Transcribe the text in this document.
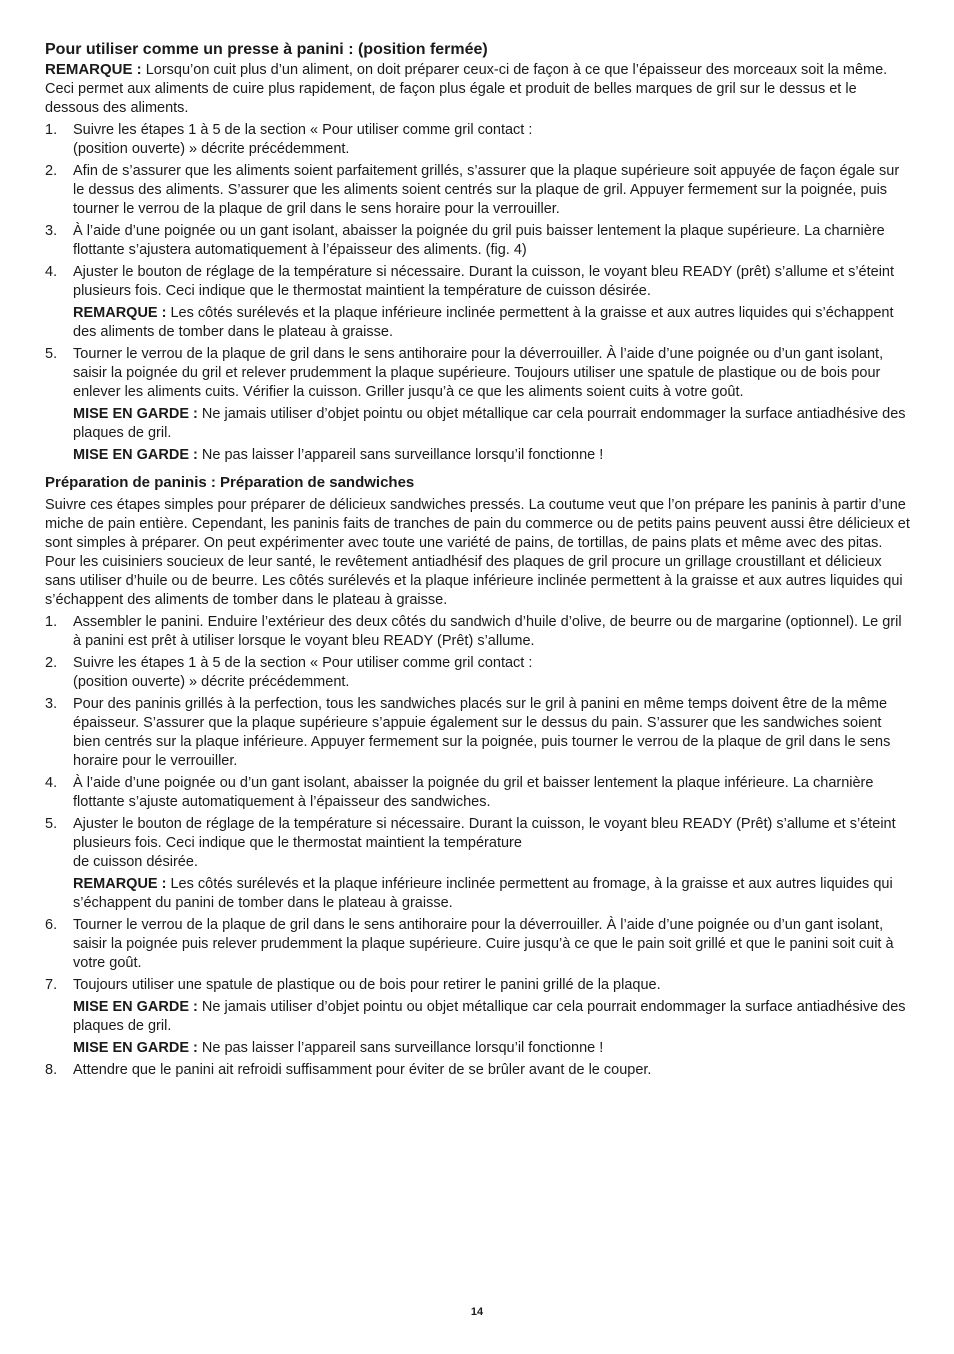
Pour utiliser comme un presse à panini : (position fermée)

REMARQUE : Lorsqu’on cuit plus d’un aliment, on doit préparer ceux-ci de façon à ce que l’épaisseur des morceaux soit la même. Ceci permet aux aliments de cuire plus rapidement, de façon plus égale et produit de belles marques de gril sur le dessus et le dessous des aliments.

1. Suivre les étapes 1 à 5 de la section « Pour utiliser comme gril contact :
(position ouverte) » décrite précédemment.
2. Afin de s’assurer que les aliments soient parfaitement grillés, s’assurer que la plaque supérieure soit appuyée de façon égale sur le dessus des aliments. S’assurer que les aliments soient centrés sur la plaque de gril. Appuyer fermement sur la poignée, puis tourner le verrou de la plaque de gril dans le sens horaire pour la verrouiller.
3. À l’aide d’une poignée ou un gant isolant, abaisser la poignée du gril puis baisser lentement la plaque supérieure. La charnière flottante s’ajustera automatiquement à l’épaisseur des aliments. (fig. 4)
4. Ajuster le bouton de réglage de la température si nécessaire. Durant la cuisson, le voyant bleu READY (prêt) s’allume et s’éteint plusieurs fois. Ceci indique que le thermostat maintient la température de cuisson désirée.
REMARQUE : Les côtés surélevés et la plaque inférieure inclinée permettent à la graisse et aux autres liquides qui s’échappent des aliments de tomber dans le plateau à graisse.
5. Tourner le verrou de la plaque de gril dans le sens antihoraire pour la déverrouiller. À l’aide d’une poignée ou d’un gant isolant, saisir la poignée du gril et relever prudemment la plaque supérieure. Toujours utiliser une spatule de plastique ou de bois pour enlever les aliments cuits. Vérifier la cuisson. Griller jusqu’à ce que les aliments soient cuits à votre goût.
MISE EN GARDE : Ne jamais utiliser d’objet pointu ou objet métallique car cela pourrait endommager la surface antiadhésive des plaques de gril.
MISE EN GARDE : Ne pas laisser l’appareil sans surveillance lorsqu’il fonctionne !
Préparation de paninis : Préparation de sandwiches

Suivre ces étapes simples pour préparer de délicieux sandwiches pressés. La coutume veut que l’on prépare les paninis à partir d’une miche de pain entière. Cependant, les paninis faits de tranches de pain du commerce ou de petits pains peuvent aussi être délicieux et sont simples à préparer. On peut expérimenter avec toute une variété de pains, de tortillas, de pains plats et même avec des pitas. Pour les cuisiniers soucieux de leur santé, le revêtement antiadhésif des plaques de gril procure un grillage croustillant et délicieux sans utiliser d’huile ou de beurre. Les côtés surélevés et la plaque inférieure inclinée permettent à la graisse et aux autres liquides qui s’échappent des aliments de tomber dans le plateau à graisse.

1. Assembler le panini. Enduire l’extérieur des deux côtés du sandwich d’huile d’olive, de beurre ou de margarine (optionnel). Le gril à panini est prêt à utiliser lorsque le voyant bleu READY (Prêt) s’allume.
2. Suivre les étapes 1 à 5 de la section « Pour utiliser comme gril contact :
(position ouverte) » décrite précédemment.
3. Pour des paninis grillés à la perfection, tous les sandwiches placés sur le gril à panini en même temps doivent être de la même épaisseur. S’assurer que la plaque supérieure s’appuie également sur le dessus du pain. S’assurer que les sandwiches soient bien centrés sur la plaque inférieure. Appuyer fermement sur la poignée, puis tourner le verrou de la plaque de gril dans le sens horaire pour le verrouiller.
4. À l’aide d’une poignée ou d’un gant isolant, abaisser la poignée du gril et baisser lentement la plaque inférieure. La charnière flottante s’ajuste automatiquement à l’épaisseur des sandwiches.
5. Ajuster le bouton de réglage de la température si nécessaire. Durant la cuisson, le voyant bleu READY (Prêt) s’allume et s’éteint plusieurs fois. Ceci indique que le thermostat maintient la température
de cuisson désirée.
REMARQUE : Les côtés surélevés et la plaque inférieure inclinée permettent au fromage, à la graisse et aux autres liquides qui s’échappent du panini de tomber dans le plateau à graisse.
6. Tourner le verrou de la plaque de gril dans le sens antihoraire pour la déverrouiller. À l’aide d’une poignée ou d’un gant isolant, saisir la poignée puis relever prudemment la plaque supérieure. Cuire jusqu’à ce que le pain soit grillé et que le panini soit cuit à votre goût.
7. Toujours utiliser une spatule de plastique ou de bois pour retirer le panini grillé de la plaque.
MISE EN GARDE : Ne jamais utiliser d’objet pointu ou objet métallique car cela pourrait endommager la surface antiadhésive des plaques de gril.
MISE EN GARDE : Ne pas laisser l’appareil sans surveillance lorsqu’il fonctionne !
8. Attendre que le panini ait refroidi suffisamment pour éviter de se brûler avant de le couper.
14
